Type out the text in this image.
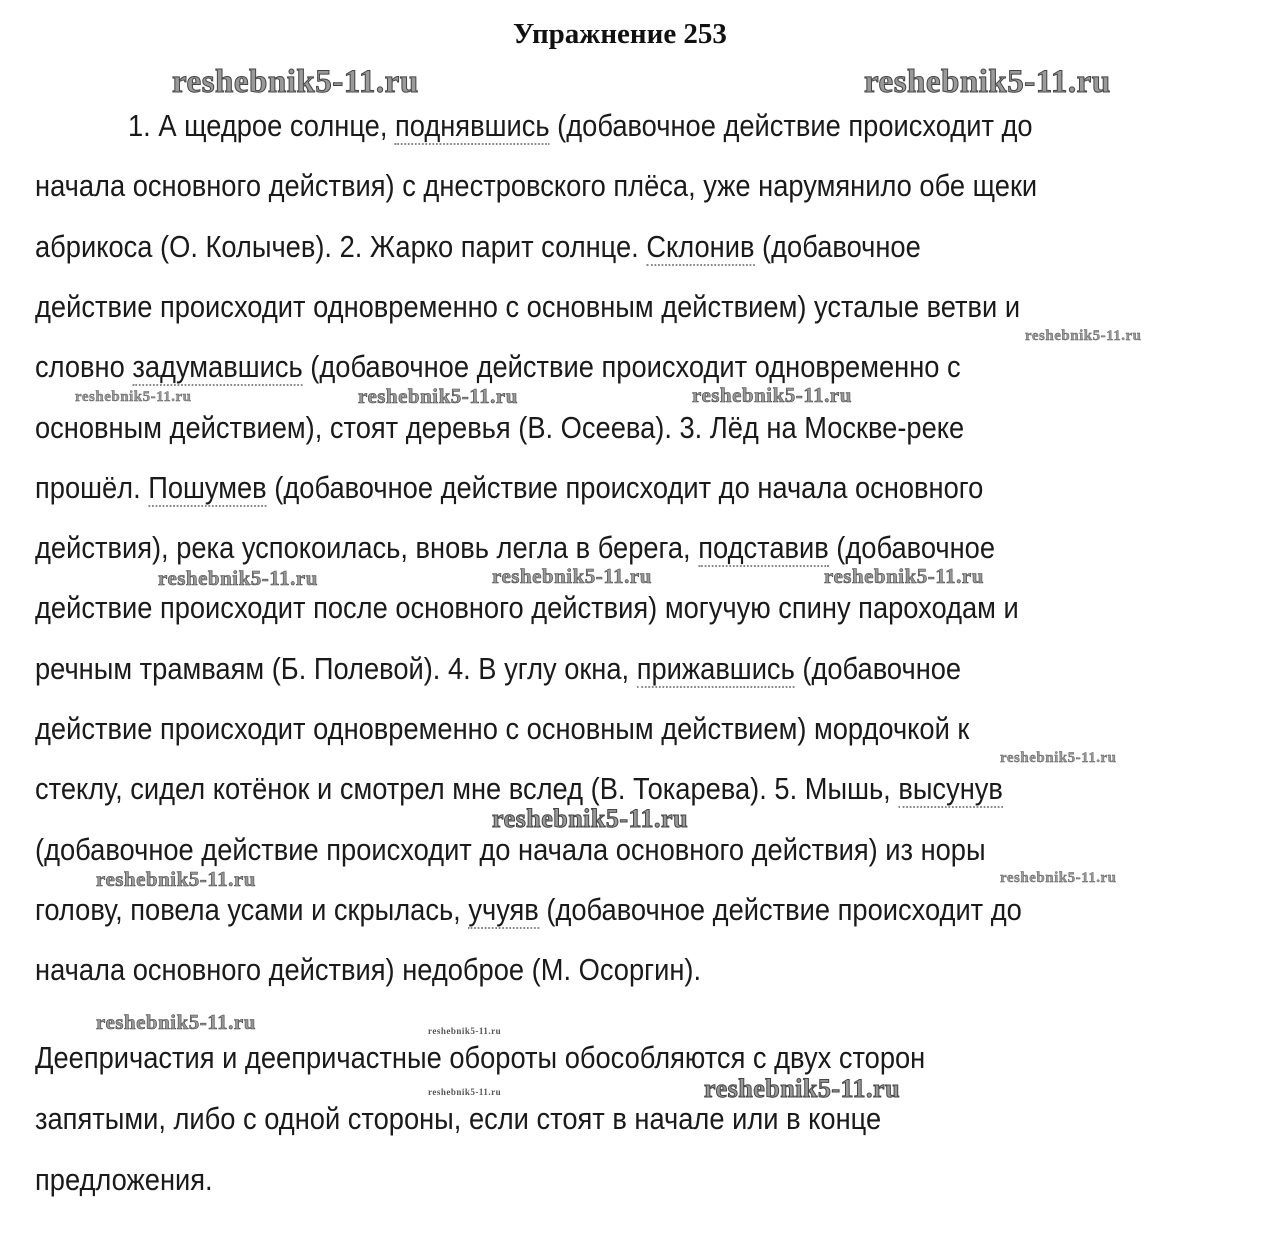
Упражнение 253
1. А щедрое солнце, поднявшись (добавочное действие происходит до
начала основного действия) с днестровского плёса, уже нарумянило обе щеки
абрикоса (О. Колычев). 2. Жарко парит солнце. Склонив (добавочное
действие происходит одновременно с основным действием) усталые ветви и
словно задумавшись (добавочное действие происходит одновременно с
основным действием), стоят деревья (В. Осеева). 3. Лёд на Москве-реке
прошёл. Пошумев (добавочное действие происходит до начала основного
действия), река успокоилась, вновь легла в берега, подставив (добавочное
действие происходит после основного действия) могучую спину пароходам и
речным трамваям (Б. Полевой). 4. В углу окна, прижавшись (добавочное
действие происходит одновременно с основным действием) мордочкой к
стеклу, сидел котёнок и смотрел мне вслед (В. Токарева). 5. Мышь, высунув
(добавочное действие происходит до начала основного действия) из норы
голову, повела усами и скрылась, учуяв (добавочное действие происходит до
начала основного действия) недоброе (М. Осоргин).
Деепричастия и деепричастные обороты обособляются с двух сторон
запятыми, либо с одной стороны, если стоят в начале или в конце
предложения.
reshebnik5-11.ru	reshebnik5-11.ru
reshebnik5-11.ru
reshebnik5-11.ru	reshebnik5-11.ru	reshebnik5-11.ru
reshebnik5-11.ru	reshebnik5-11.ru	reshebnik5-11.ru
reshebnik5-11.ru
reshebnik5-11.ru
reshebnik5-11.ru	reshebnik5-11.ru
reshebnik5-11.ru	reshebnik5-11.ru
reshebnik5-11.ru
reshebnik5-11.ru
